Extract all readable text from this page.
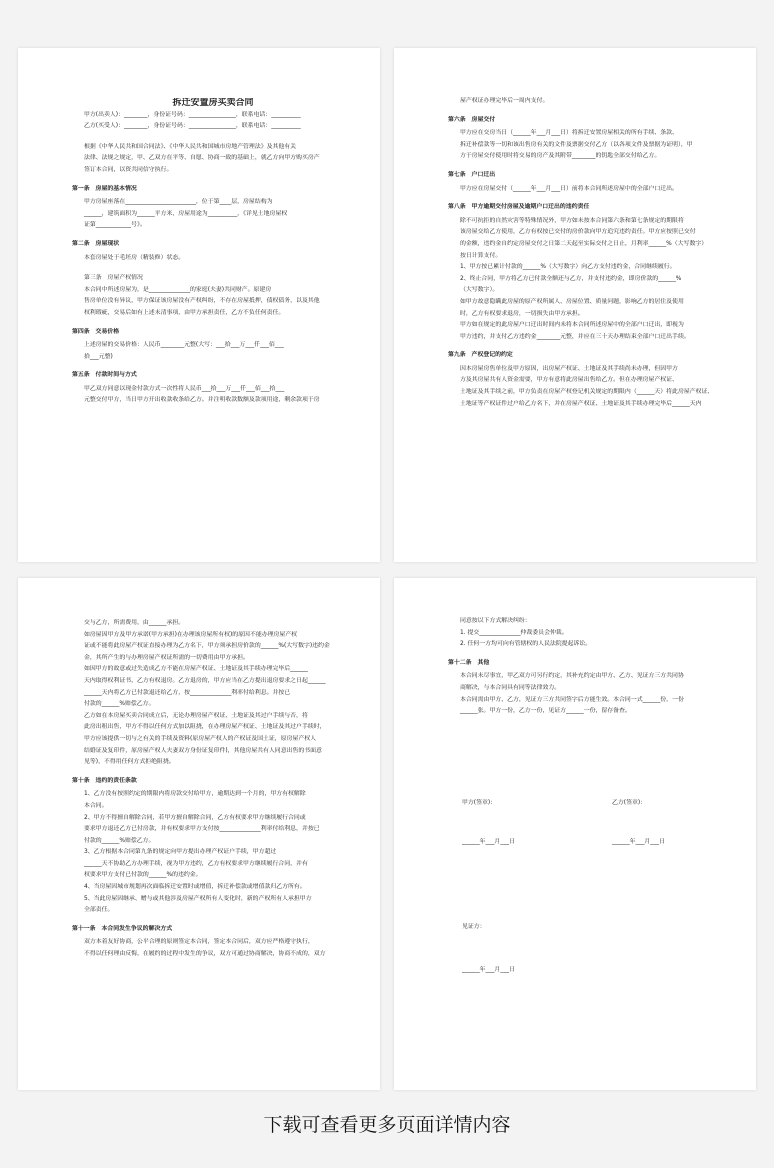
拆迁安置房买卖合同

甲方(出卖人)：________，身份证号码：________________，联系电话：__________

乙方(买受人)：________，身份证号码：________________，联系电话：__________

根据《中华人民共和国合同法》、《中华人民共和国城市房地产管理法》及其他有关

法律、法规之规定，甲、乙双方在平等、自愿、协商一致的基础上，就乙方向甲方购买房产

签订本合同，以资共同信守执行。

第一条　房屋的基本情况

甲方房屋座落在________________________，位于第____层，房屋结构为

______，建筑面积为______平方米，房屋用途为__________，《详见土地房屋权

证第____________号》。

第二条　房屋现状

本套房屋处于毛坯房（精装修）状态。

第三条　房屋产权情况

本合同中所述房屋为，是______________的家庭(夫妻)共同财产。原建房

售房单位没有异议，甲方保证该房屋没有产权纠纷，不存在房屋抵押，债权债务，以及其他

权利瑕疵，交易后如有上述未清事项，由甲方承担责任，乙方不负任何责任。

第四条　交易价格

上述房屋的交易价格：人民币________元整(大写：___拾___万___仟___佰___

拾___元整)

第五条　付款时间与方式

甲乙双方同意以现金付款方式一次性将人民币___拾___万___仟___佰___拾___

元整交付甲方，当日甲方开出收款收条给乙方。并注明收款数额及款项用途，剩余款项于房

屋产权证办理完毕后一周内支付。

第六条　房屋交付

甲方应在交房当日（______年___月___日）将拆迁安置房屋相关的所有手续、条款、

拆迁补偿款等一切和该出售房有关的文件及票据交付乙方（以各项文件及票据为证明），甲

方于房屋交付使用时将交易的房产及其附带________的钥匙全部交付给乙方。

第七条　户口迁出

甲方应在房屋交付（______年___月___日）前将本合同所述房屋中的全部户口迁出。

第八条　甲方逾期交付房屋及逾期户口迁出的违约责任

除不可抗拒的自然灾害等特殊情况外，甲方如未按本合同第六条和第七条规定的期限将

该房屋交给乙方使用，乙方有权按已交付的房价款向甲方追究违约责任。甲方应按照已交付

的金额，违约金自约定房屋交付之日第二天起至实际交付之日止，月利率______%（大写数字）

按日计算支付。

1、甲方按已累计付款的______%（大写数字）向乙方支付违约金，合同继续履行。

2、终止合同，甲方将乙方已付款全额还与乙方，并支付违约金，即房价款的______%

（大写数字）。

如甲方故意隐瞒此房屋的原产权所属人、房屋位置、质量问题，影响乙方的居住及使用

时，乙方有权要求退房，一切损失由甲方承担。

甲方如在规定的此房屋户口迁出时间内未将本合同所述房屋中的全部户口迁出，即视为

甲方违约，并支付乙方违约金________元整，并应在三十天办理结束全部户口迁出手续。

第九条　产权登记的约定

因本房屋房售单位及甲方原因，出房屋产权证、土地证及其手续尚未办理，但因甲方

方及其房屋共有人资金需要，甲方有意将此房屋出售给乙方。但在办理房屋产权证、

土地证及其手续之前，甲方负责在房屋产权登记机关规定的期限内（______天）将此房屋产权证、

土地证等产权证件过户给乙方名下，并在房屋产权证、土地证及其手续办理完毕后______天内

交与乙方，所需费用，由______承担。

如房屋因甲方及甲方承诺(甲方承担)在办理该房屋所有权)的原因不能办理房屋产权

证或不能将此房屋产权证直接办理为乙方名下，甲方须承担房价款的______%(大写数字)违约金

金，其所产生的与办理房屋产权证所需的一切费用由甲方承担。

如因甲方的故意或过失造成乙方不能在房屋产权证、土地证及其手续办理完毕后______

天内取得权利证书，乙方有权退房。乙方退房的，甲方应当在乙方提出退房要求之日起______

______天内将乙方已付款退还给乙方，按______________利率付给利息。并按已

付款的______%赔偿乙方。

乙方如在本房屋买卖合同成立后，无论办理房屋产权证、土地证及其过户手续与否，将

此房出租出售，甲方不得以任何方式加以阻挠，在办理房屋产权证、土地证及其过户手续时，

甲方应该提供一切与之有关的手续及资料(原房屋产权人的产权证及国土证，原房屋产权人

结婚证及复印件，原房屋产权人夫妻双方身份证复印件)，其他房屋共有人同意出售的书面意

见等)，不得用任何方式拒绝阻挠。

第十条　违约的责任条款

1、乙方没有按照约定的期限内将房款交付给甲方，逾期达到一个月的，甲方有权解除

本合同。

2、甲方不得擅自解除合同，若甲方擅自解除合同，乙方有权要求甲方继续履行合同或

要求甲方退还乙方已付房款，并有权要求甲方支付按______________利率付给利息，并按已

付款的______%赔偿乙方。

3、乙方根据本合同第九条的规定向甲方提出办理产权证户手续，甲方超过

______天不协助乙方办理手续，视为甲方违约，乙方有权要求甲方继续履行合同，并有

权要求甲方支付已付款的______%的违约金。

4、当房屋因城市规划再次面临拆迁安置时或增值，拆迁补偿款或增值款归乙方所有。

5、当此房屋因继承、赠与或其他涉及房屋产权所有人变化时，新的产权所有人承担甲方

全部责任。

第十一条　本合同发生争议的解决方式

双方本着友好协商，公平合理的原则签定本合同，签定本合同后，双方应严格遵守执行，

不得以任何理由反悔，在履约的过程中发生的争议，双方可通过协商解决，协商不成的，双方

同意按以下方式解决纠纷：

1. 提交______________仲裁委员会仲裁。

2. 任何一方均可向有管辖权的人民法院提起诉讼。

第十二条　其他

本合同未尽事宜，甲乙双方可另行约定，其补充约定由甲方、乙方、见证方三方共同协

商解决，与本合同具有同等法律效力。

本合同需由甲方、乙方，见证方三方共同签字后方能生效。本合同一式______份，一份

______张。甲方一份，乙方一份，见证方______一份，留存备查。

甲方(签章)：	乙方(签章)：
______年___月___日	______年___月___日
见证方：
______年___月___日
下载可查看更多页面详情内容
